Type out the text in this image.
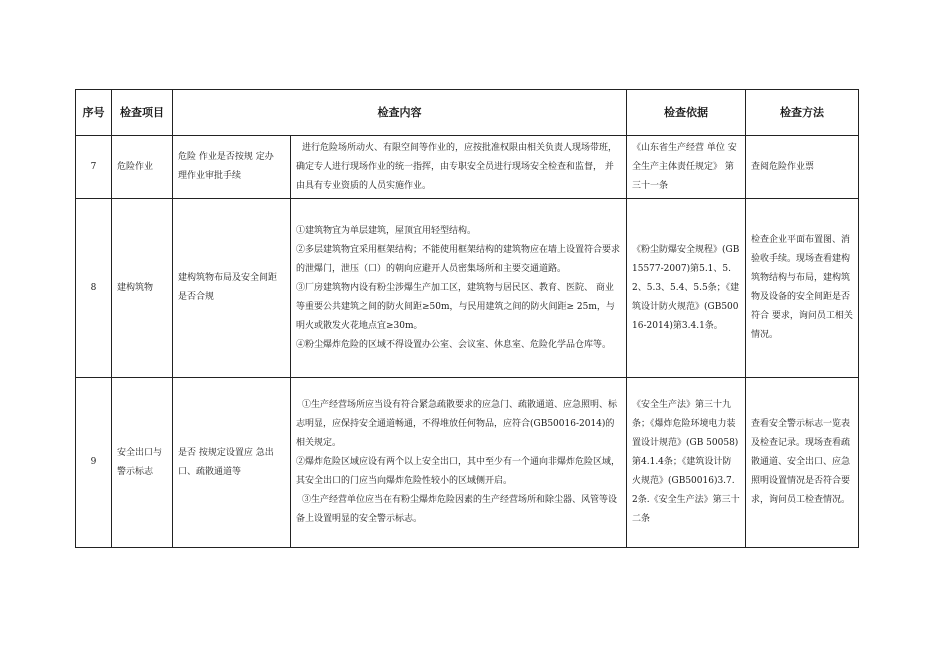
序号	检查项目	检查内容		检查依据	检查方法
7	危险作业	危险 作业是否按规 定办 理作业审批手续	进行危险场所动火、有限空间等作业的，应按批准权限由相关负责人现场带班，确定专人进行现场作业的统一指挥，由专职安全员进行现场安全检查和监督， 并由具有专业资质的人员实施作业。	《山东省生产经营 单位 安全生产主体责任规定》 第三十一条	查阅危险作业票
8	建构筑物	建构筑物布局及安全间距是否合规	①建筑物宜为单层建筑，屋顶宜用轻型结构。

②多层建筑物宜采用框架结构；不能使用框架结构的建筑物应在墙上设置符合要求的泄爆门，泄压（口）的朝向应避开人员密集场所和主要交通道路。

③厂房建筑物内设有粉尘涉爆生产加工区，建筑物与居民区、教育、医院、 商业等重要公共建筑之间的防火间距≥50m，与民用建筑之间的防火间距≥ 25m，与明火或散发火花地点宜≥30m。

④粉尘爆炸危险的区域不得设置办公室、会议室、休息室、危险化学品仓库等。	《粉尘防爆安全规程》(GB15577-2007)第5.1、5.2、5.3、5.4、5.5条；《建筑设计防火规范》(GB50016-2014)第3.4.1条。	检查企业平面布置图、消验收手续。现场查看建构筑物结构与布局，建构筑物及设备的安全间距是否符合 要求，询问员工相关情况。
9	安全出口与警示标志	是否 按规定设置应 急出 口、疏散通道等	①生产经营场所应当设有符合紧急疏散要求的应急门、疏散通道、应急照明、标志明显，应保持安全通道畅通，不得堆放任何物品，应符合(GB50016-2014)的相关规定。

②爆炸危险区域应设有两个以上安全出口，其中至少有一个通向非爆炸危险区域，其安全出口的门应当向爆炸危险性较小的区域侧开启。

③生产经营单位应当在有粉尘爆炸危险因素的生产经营场所和除尘器、风管等设备上设置明显的安全警示标志。	《安全生产法》第三十九条；《爆炸危险环境电力装置设计规范》(GB 50058)第4.1.4条；《建筑设计防火规范》(GB50016)3.7.2条.《安全生产法》第三十二条	查看安全警示标志一览表及检查记录。现场查看疏散通道、安全出口、应急照明设置情况是否符合要求，询问员工检查情况。
